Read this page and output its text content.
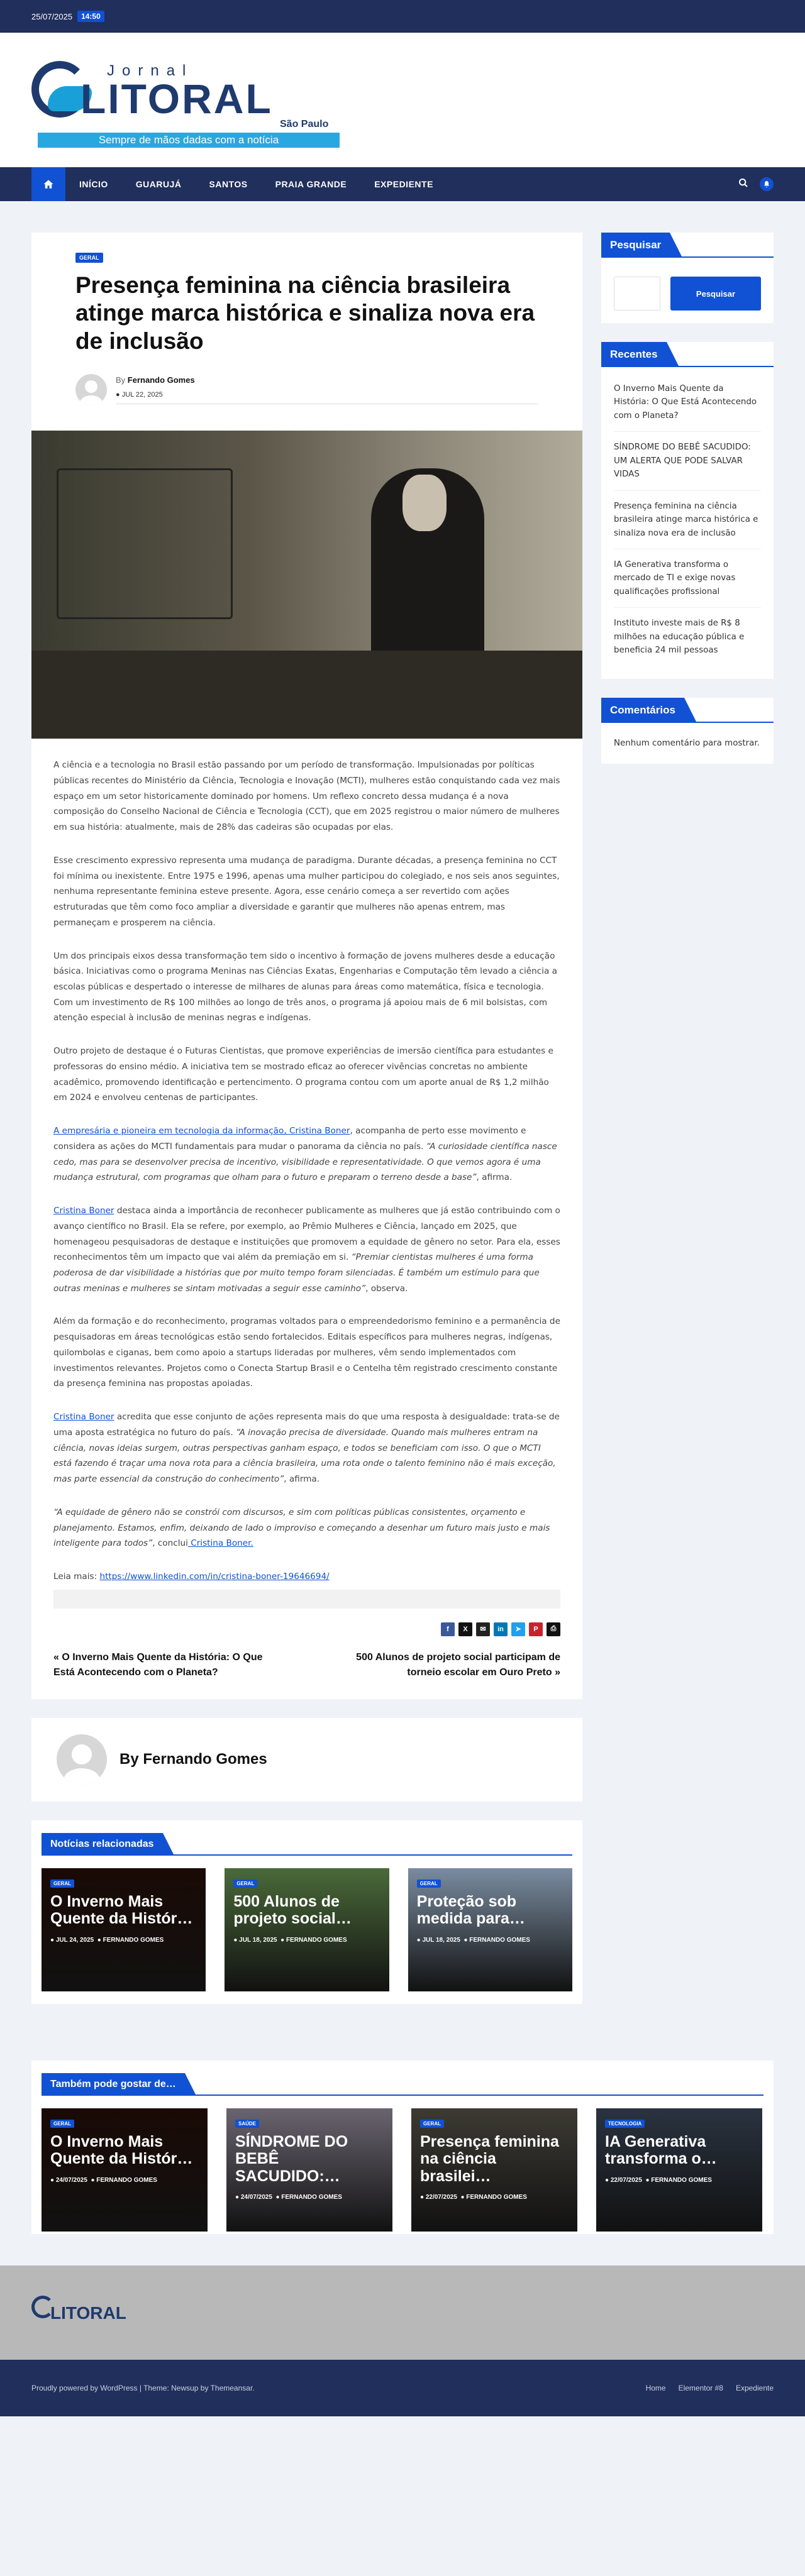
25/07/2025	14:50
Jornal
LITORAL
São Paulo
Sempre de mãos dadas com a notícia
INÍCIO	GUARUJÁ	SANTOS	PRAIA GRANDE	EXPEDIENTE
GERAL
Presença feminina na ciência brasileira atinge marca histórica e sinaliza nova era de inclusão
By Fernando Gomes
● JUL 22, 2025

A ciência e a tecnologia no Brasil estão passando por um período de transformação. Impulsionadas por políticas públicas recentes do Ministério da Ciência, Tecnologia e Inovação (MCTI), mulheres estão conquistando cada vez mais espaço em um setor historicamente dominado por homens. Um reflexo concreto dessa mudança é a nova composição do Conselho Nacional de Ciência e Tecnologia (CCT), que em 2025 registrou o maior número de mulheres em sua história: atualmente, mais de 28% das cadeiras são ocupadas por elas.

Esse crescimento expressivo representa uma mudança de paradigma. Durante décadas, a presença feminina no CCT foi mínima ou inexistente. Entre 1975 e 1996, apenas uma mulher participou do colegiado, e nos seis anos seguintes, nenhuma representante feminina esteve presente. Agora, esse cenário começa a ser revertido com ações estruturadas que têm como foco ampliar a diversidade e garantir que mulheres não apenas entrem, mas permaneçam e prosperem na ciência.

Um dos principais eixos dessa transformação tem sido o incentivo à formação de jovens mulheres desde a educação básica. Iniciativas como o programa Meninas nas Ciências Exatas, Engenharias e Computação têm levado a ciência a escolas públicas e despertado o interesse de milhares de alunas para áreas como matemática, física e tecnologia. Com um investimento de R$ 100 milhões ao longo de três anos, o programa já apoiou mais de 6 mil bolsistas, com atenção especial à inclusão de meninas negras e indígenas.

Outro projeto de destaque é o Futuras Cientistas, que promove experiências de imersão científica para estudantes e professoras do ensino médio. A iniciativa tem se mostrado eficaz ao oferecer vivências concretas no ambiente acadêmico, promovendo identificação e pertencimento. O programa contou com um aporte anual de R$ 1,2 milhão em 2024 e envolveu centenas de participantes.

A empresária e pioneira em tecnologia da informação, Cristina Boner, acompanha de perto esse movimento e considera as ações do MCTI fundamentais para mudar o panorama da ciência no país. “A curiosidade científica nasce cedo, mas para se desenvolver precisa de incentivo, visibilidade e representatividade. O que vemos agora é uma mudança estrutural, com programas que olham para o futuro e preparam o terreno desde a base”, afirma.

Cristina Boner destaca ainda a importância de reconhecer publicamente as mulheres que já estão contribuindo com o avanço científico no Brasil. Ela se refere, por exemplo, ao Prêmio Mulheres e Ciência, lançado em 2025, que homenageou pesquisadoras de destaque e instituições que promovem a equidade de gênero no setor. Para ela, esses reconhecimentos têm um impacto que vai além da premiação em si. “Premiar cientistas mulheres é uma forma poderosa de dar visibilidade a histórias que por muito tempo foram silenciadas. É também um estímulo para que outras meninas e mulheres se sintam motivadas a seguir esse caminho”, observa.

Além da formação e do reconhecimento, programas voltados para o empreendedorismo feminino e a permanência de pesquisadoras em áreas tecnológicas estão sendo fortalecidos. Editais específicos para mulheres negras, indígenas, quilombolas e ciganas, bem como apoio a startups lideradas por mulheres, vêm sendo implementados com investimentos relevantes. Projetos como o Conecta Startup Brasil e o Centelha têm registrado crescimento constante da presença feminina nas propostas apoiadas.

Cristina Boner acredita que esse conjunto de ações representa mais do que uma resposta à desigualdade: trata-se de uma aposta estratégica no futuro do país. “A inovação precisa de diversidade. Quando mais mulheres entram na ciência, novas ideias surgem, outras perspectivas ganham espaço, e todos se beneficiam com isso. O que o MCTI está fazendo é traçar uma nova rota para a ciência brasileira, uma rota onde o talento feminino não é mais exceção, mas parte essencial da construção do conhecimento”, afirma.

“A equidade de gênero não se constrói com discursos, e sim com políticas públicas consistentes, orçamento e planejamento. Estamos, enfim, deixando de lado o improviso e começando a desenhar um futuro mais justo e mais inteligente para todos”, conclui Cristina Boner.

Leia mais: https://www.linkedin.com/in/cristina-boner-19646694/

f	X	✉	in	➤	P	⎙
« O Inverno Mais Quente da História: O Que Está Acontecendo com o Planeta?
500 Alunos de projeto social participam de torneio escolar em Ouro Preto »
By Fernando Gomes
Notícias relacionadas
GERAL
O Inverno Mais Quente da Histór…
● JUL 24, 2025  ● FERNANDO GOMES
GERAL
500 Alunos de projeto social…
● JUL 18, 2025  ● FERNANDO GOMES
GERAL
Proteção sob medida para…
● JUL 18, 2025  ● FERNANDO GOMES
Pesquisar
Pesquisar
Recentes
O Inverno Mais Quente da História: O Que Está Acontecendo com o Planeta?
SÍNDROME DO BEBÊ SACUDIDO: UM ALERTA QUE PODE SALVAR VIDAS
Presença feminina na ciência brasileira atinge marca histórica e sinaliza nova era de inclusão
IA Generativa transforma o mercado de TI e exige novas qualificações profissional
Instituto investe mais de R$ 8 milhões na educação pública e beneficia 24 mil pessoas
Comentários
Nenhum comentário para mostrar.
Também pode gostar de…
GERAL
O Inverno Mais Quente da Histór…
● 24/07/2025  ● FERNANDO GOMES
SAÚDE
SÍNDROME DO BEBÊ SACUDIDO:…
● 24/07/2025  ● FERNANDO GOMES
GERAL
Presença feminina na ciência brasilei…
● 22/07/2025  ● FERNANDO GOMES
TECNOLOGIA
IA Generativa transforma o…
● 22/07/2025  ● FERNANDO GOMES
LITORAL
Proudly powered by WordPress | Theme: Newsup by Themeansar.	Home Elementor #8 Expediente
